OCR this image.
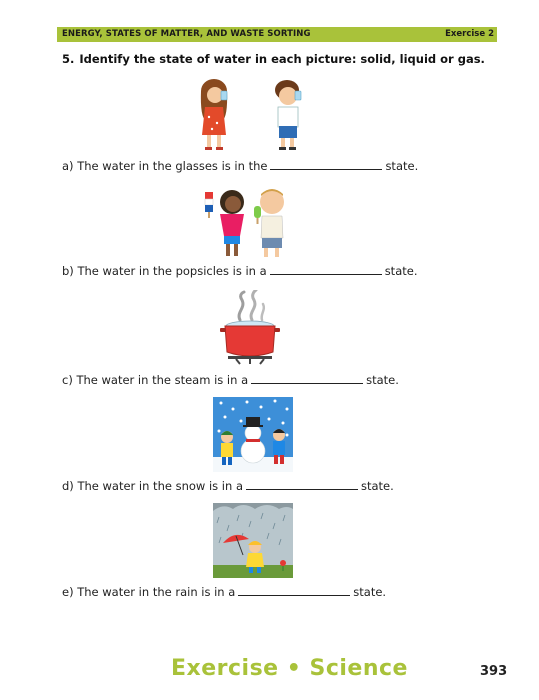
ENERGY, STATES OF MATTER, AND WASTE SORTING	Exercise 2
5. Identify the state of water in each picture: solid, liquid or gas.
a) The water in the glasses is in the	state.
b) The water in the popsicles is in a	state.
c) The water in the steam is in a	state.
d) The water in the snow is in a	state.
e) The water in the rain is in a	state.
Exercise • Science	393
